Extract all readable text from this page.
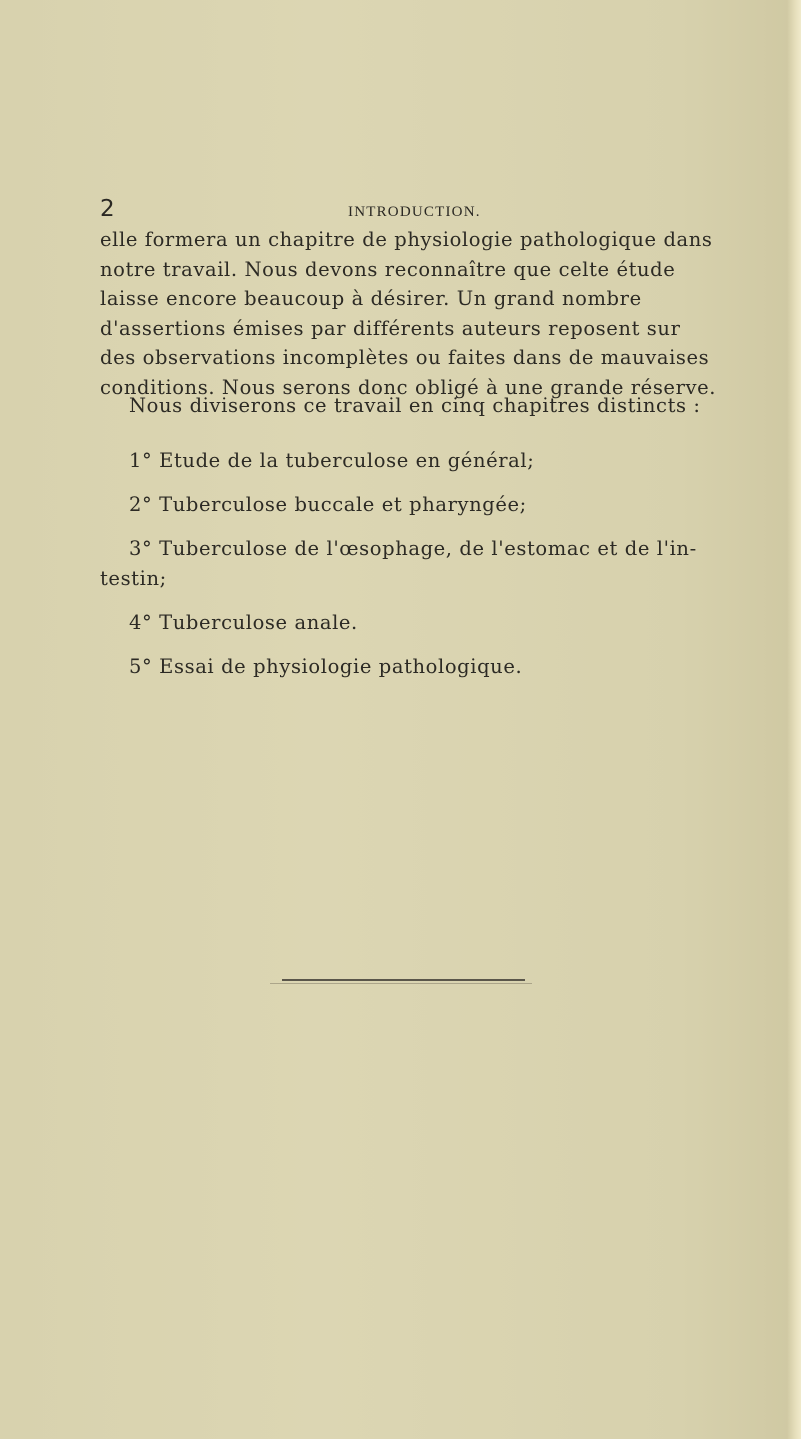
2	INTRODUCTION.
elle formera un chapitre de physiologie pathologique dans
notre travail. Nous devons reconnaître que celte étude
laisse encore beaucoup à désirer. Un grand nombre
d'assertions émises par différents auteurs reposent sur
des observations incomplètes ou faites dans de mauvaises
conditions. Nous serons donc obligé à une grande réserve.
Nous diviserons ce travail en cinq chapitres distincts :
1° Etude de la tuberculose en général;
2° Tuberculose buccale et pharyngée;
3° Tuberculose de l'œsophage, de l'estomac et de l'in-
testin;
4° Tuberculose anale.
5° Essai de physiologie pathologique.
